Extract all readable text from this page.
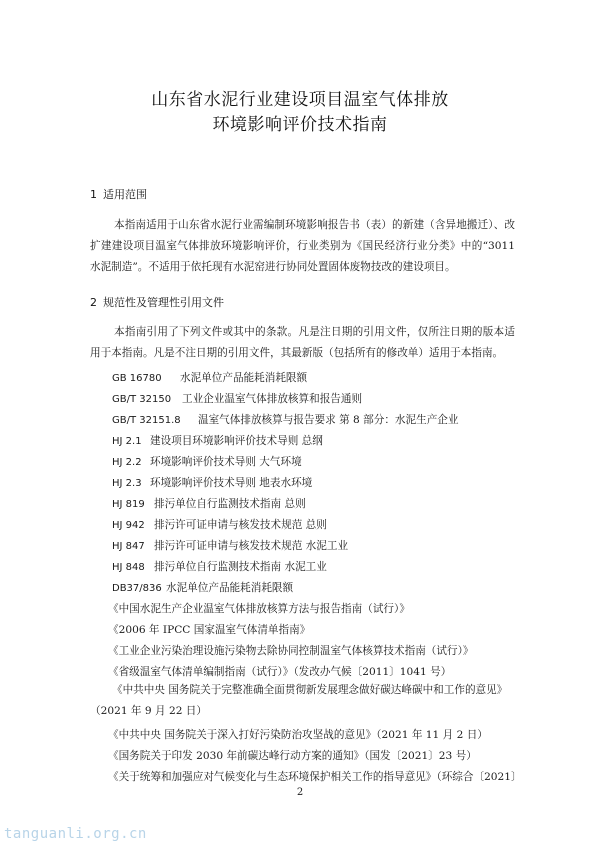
山东省水泥行业建设项目温室气体排放
环境影响评价技术指南
1 适用范围
本指南适用于山东省水泥行业需编制环境影响报告书（表）的新建（含异地搬迁）、改扩建建设项目温室气体排放环境影响评价，行业类别为《国民经济行业分类》中的“3011 水泥制造”。不适用于依托现有水泥窑进行协同处置固体废物技改的建设项目。
2 规范性及管理性引用文件
本指南引用了下列文件或其中的条款。凡是注日期的引用文件，仅所注日期的版本适用于本指南。凡是不注日期的引用文件，其最新版（包括所有的修改单）适用于本指南。
GB 16780 水泥单位产品能耗消耗限额
GB/T 32150 工业企业温室气体排放核算和报告通则
GB/T 32151.8 温室气体排放核算与报告要求 第 8 部分：水泥生产企业
HJ 2.1 建设项目环境影响评价技术导则 总纲
HJ 2.2 环境影响评价技术导则 大气环境
HJ 2.3 环境影响评价技术导则 地表水环境
HJ 819 排污单位自行监测技术指南 总则
HJ 942 排污许可证申请与核发技术规范 总则
HJ 847 排污许可证申请与核发技术规范 水泥工业
HJ 848 排污单位自行监测技术指南 水泥工业
DB37/836 水泥单位产品能耗消耗限额
《中国水泥生产企业温室气体排放核算方法与报告指南（试行）》
《2006 年 IPCC 国家温室气体清单指南》
《工业企业污染治理设施污染物去除协同控制温室气体核算技术指南（试行）》
《省级温室气体清单编制指南（试行）》（发改办气候〔2011〕1041 号）
《中共中央 国务院关于完整准确全面贯彻新发展理念做好碳达峰碳中和工作的意见》（2021 年 9 月 22 日）
《中共中央 国务院关于深入打好污染防治攻坚战的意见》（2021 年 11 月 2 日）
《国务院关于印发 2030 年前碳达峰行动方案的通知》（国发〔2021〕23 号）
《关于统筹和加强应对气候变化与生态环境保护相关工作的指导意见》（环综合〔2021〕
2
tanguanli.org.cn
